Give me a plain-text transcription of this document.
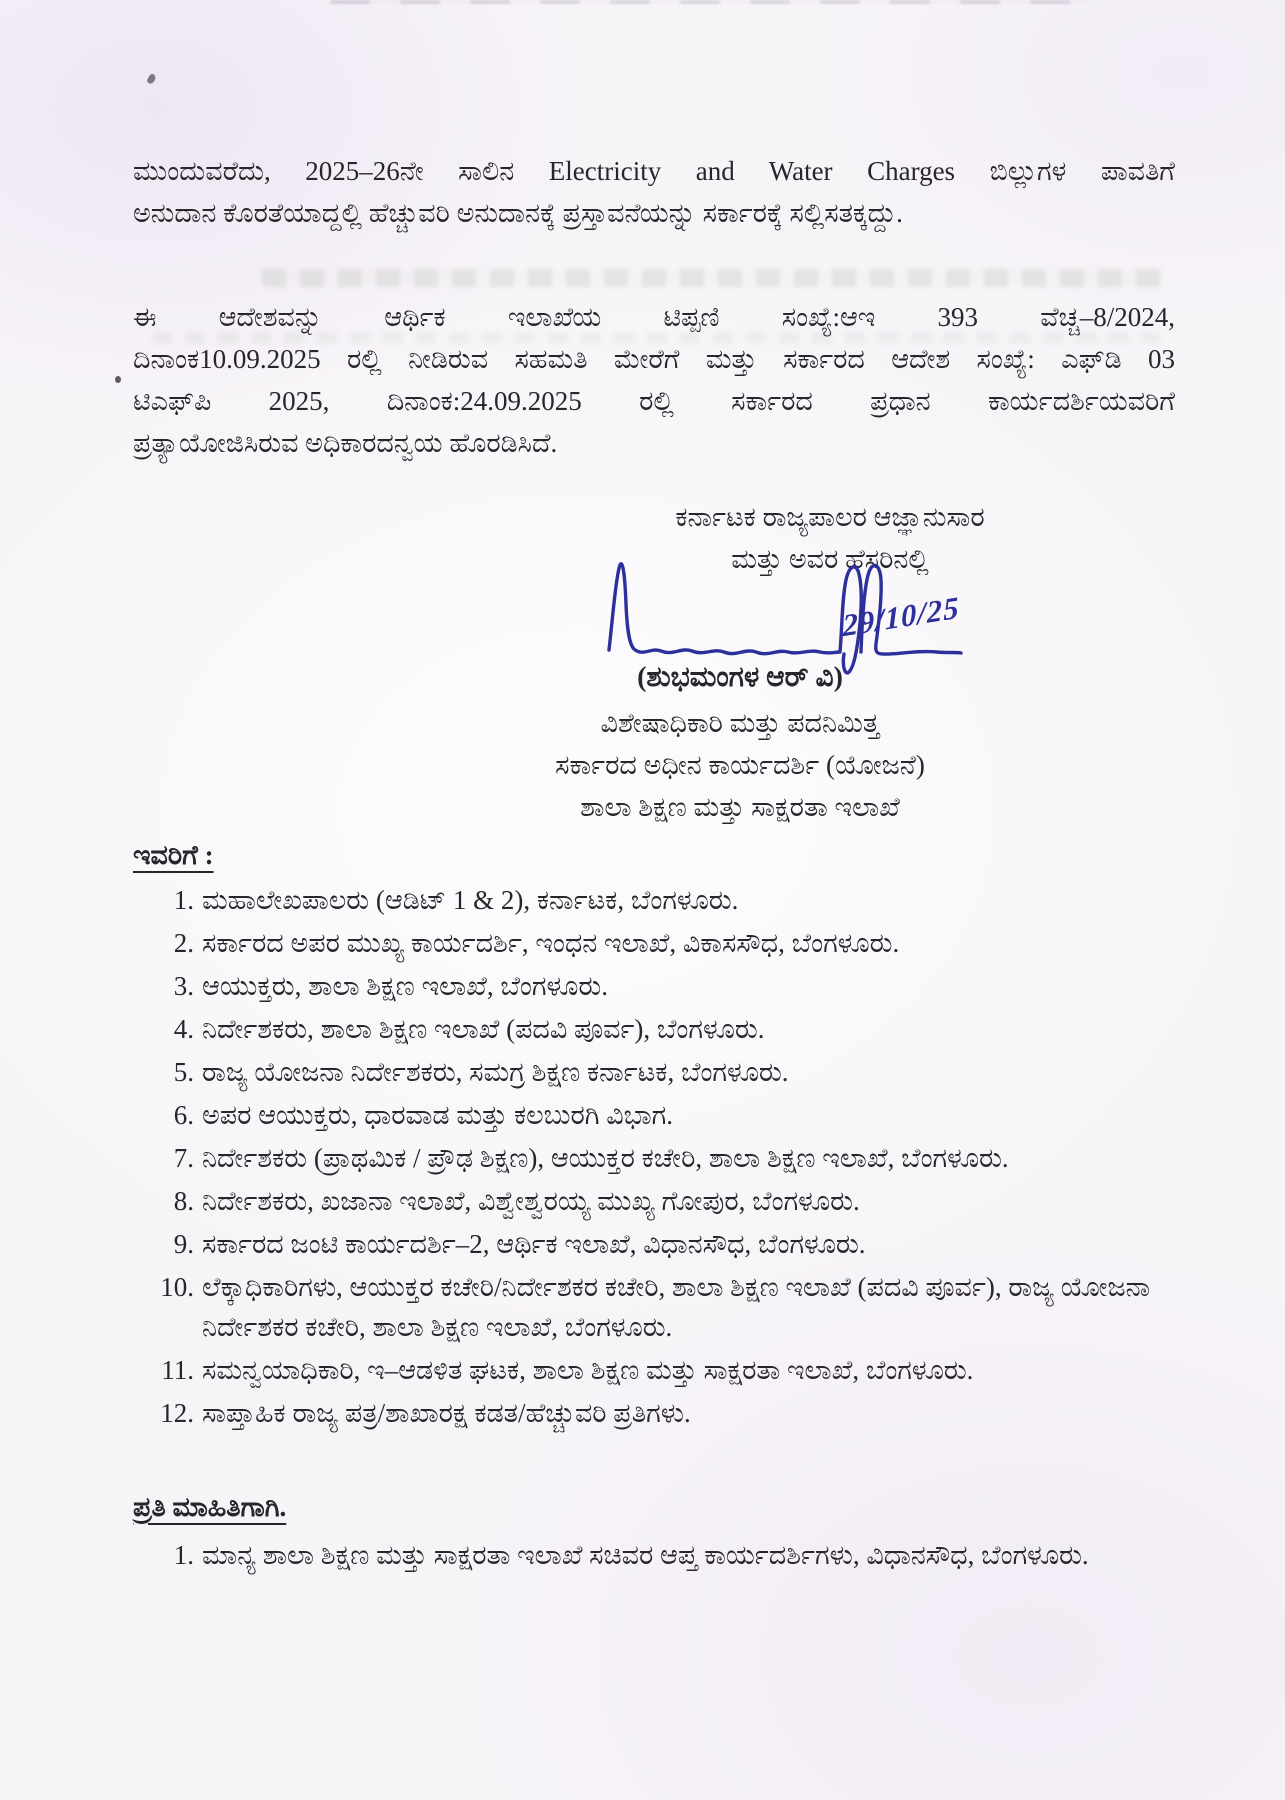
ಮುಂದುವರೆದು, 2025–26ನೇ ಸಾಲಿನ Electricity and Water Charges ಬಿಲ್ಲುಗಳ ಪಾವತಿಗೆ
ಅನುದಾನ ಕೊರತೆಯಾದ್ದಲ್ಲಿ ಹೆಚ್ಚುವರಿ ಅನುದಾನಕ್ಕೆ ಪ್ರಸ್ತಾವನೆಯನ್ನು ಸರ್ಕಾರಕ್ಕೆ ಸಲ್ಲಿಸತಕ್ಕದ್ದು.
ಈ ಆದೇಶವನ್ನು ಆರ್ಥಿಕ ಇಲಾಖೆಯ ಟಿಪ್ಪಣಿ ಸಂಖ್ಯೆ:ಆಇ 393 ವೆಚ್ಚ–8/2024,
ದಿನಾಂಕ10.09.2025 ರಲ್ಲಿ ನೀಡಿರುವ ಸಹಮತಿ ಮೇರೆಗೆ ಮತ್ತು ಸರ್ಕಾರದ ಆದೇಶ ಸಂಖ್ಯೆ: ಎಫ್‌ಡಿ 03
ಟಿಎಫ್‌ಪಿ 2025, ದಿನಾಂಕ:24.09.2025 ರಲ್ಲಿ ಸರ್ಕಾರದ ಪ್ರಧಾನ ಕಾರ್ಯದರ್ಶಿಯವರಿಗೆ
ಪ್ರತ್ಯಾಯೋಜಿಸಿರುವ ಅಧಿಕಾರದನ್ವಯ ಹೊರಡಿಸಿದೆ.
ಕರ್ನಾಟಕ ರಾಜ್ಯಪಾಲರ ಆಜ್ಞಾನುಸಾರ
ಮತ್ತು ಅವರ ಹೆಸರಿನಲ್ಲಿ
29/10/25
(ಶುಭಮಂಗಳ ಆರ್ ವಿ)
ವಿಶೇಷಾಧಿಕಾರಿ ಮತ್ತು ಪದನಿಮಿತ್ತ
ಸರ್ಕಾರದ ಅಧೀನ ಕಾರ್ಯದರ್ಶಿ (ಯೋಜನೆ)
ಶಾಲಾ ಶಿಕ್ಷಣ ಮತ್ತು ಸಾಕ್ಷರತಾ ಇಲಾಖೆ
ಇವರಿಗೆ :
1. ಮಹಾಲೇಖಪಾಲರು (ಆಡಿಟ್ 1 & 2), ಕರ್ನಾಟಕ, ಬೆಂಗಳೂರು.
2. ಸರ್ಕಾರದ ಅಪರ ಮುಖ್ಯ ಕಾರ್ಯದರ್ಶಿ, ಇಂಧನ ಇಲಾಖೆ, ವಿಕಾಸಸೌಧ, ಬೆಂಗಳೂರು.
3. ಆಯುಕ್ತರು, ಶಾಲಾ ಶಿಕ್ಷಣ ಇಲಾಖೆ, ಬೆಂಗಳೂರು.
4. ನಿರ್ದೇಶಕರು, ಶಾಲಾ ಶಿಕ್ಷಣ ಇಲಾಖೆ (ಪದವಿ ಪೂರ್ವ), ಬೆಂಗಳೂರು.
5. ರಾಜ್ಯ ಯೋಜನಾ ನಿರ್ದೇಶಕರು, ಸಮಗ್ರ ಶಿಕ್ಷಣ ಕರ್ನಾಟಕ, ಬೆಂಗಳೂರು.
6. ಅಪರ ಆಯುಕ್ತರು, ಧಾರವಾಡ ಮತ್ತು ಕಲಬುರಗಿ ವಿಭಾಗ.
7. ನಿರ್ದೇಶಕರು (ಪ್ರಾಥಮಿಕ / ಪ್ರೌಢ ಶಿಕ್ಷಣ), ಆಯುಕ್ತರ ಕಚೇರಿ, ಶಾಲಾ ಶಿಕ್ಷಣ ಇಲಾಖೆ, ಬೆಂಗಳೂರು.
8. ನಿರ್ದೇಶಕರು, ಖಜಾನಾ ಇಲಾಖೆ, ವಿಶ್ವೇಶ್ವರಯ್ಯ ಮುಖ್ಯ ಗೋಪುರ, ಬೆಂಗಳೂರು.
9. ಸರ್ಕಾರದ ಜಂಟಿ ಕಾರ್ಯದರ್ಶಿ–2, ಆರ್ಥಿಕ ಇಲಾಖೆ, ವಿಧಾನಸೌಧ, ಬೆಂಗಳೂರು.
10. ಲೆಕ್ಕಾಧಿಕಾರಿಗಳು, ಆಯುಕ್ತರ ಕಚೇರಿ/ನಿರ್ದೇಶಕರ ಕಚೇರಿ, ಶಾಲಾ ಶಿಕ್ಷಣ ಇಲಾಖೆ (ಪದವಿ ಪೂರ್ವ), ರಾಜ್ಯ ಯೋಜನಾ ನಿರ್ದೇಶಕರ ಕಚೇರಿ, ಶಾಲಾ ಶಿಕ್ಷಣ ಇಲಾಖೆ, ಬೆಂಗಳೂರು.
11. ಸಮನ್ವಯಾಧಿಕಾರಿ, ಇ–ಆಡಳಿತ ಘಟಕ, ಶಾಲಾ ಶಿಕ್ಷಣ ಮತ್ತು ಸಾಕ್ಷರತಾ ಇಲಾಖೆ, ಬೆಂಗಳೂರು.
12. ಸಾಪ್ತಾಹಿಕ ರಾಜ್ಯ ಪತ್ರ/ಶಾಖಾರಕ್ಷ ಕಡತ/ಹೆಚ್ಚುವರಿ ಪ್ರತಿಗಳು.
ಪ್ರತಿ ಮಾಹಿತಿಗಾಗಿ.
1. ಮಾನ್ಯ ಶಾಲಾ ಶಿಕ್ಷಣ ಮತ್ತು ಸಾಕ್ಷರತಾ ಇಲಾಖೆ ಸಚಿವರ ಆಪ್ತ ಕಾರ್ಯದರ್ಶಿಗಳು, ವಿಧಾನಸೌಧ, ಬೆಂಗಳೂರು.
